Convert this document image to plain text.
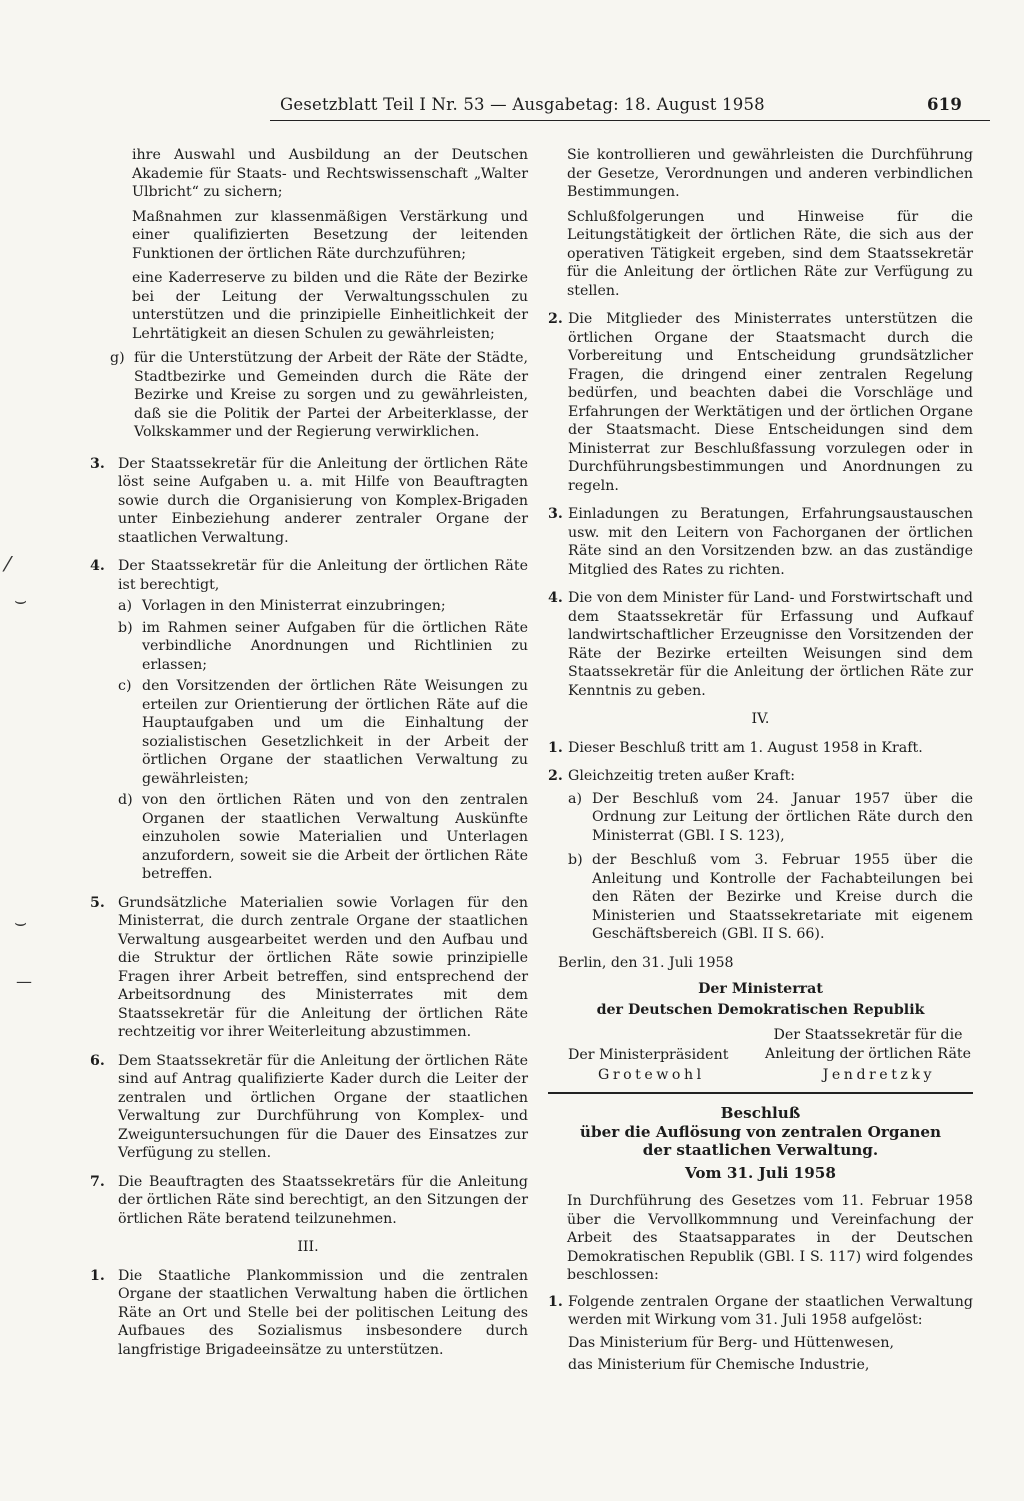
Gesetzblatt Teil I Nr. 53 — Ausgabetag: 18. August 1958	619
⁄
⌣
⌣
—

ihre Auswahl und Ausbildung an der Deutschen Akademie für Staats- und Rechtswissenschaft „Walter Ulbricht“ zu sichern;

Maßnahmen zur klassenmäßigen Verstärkung und einer qualifizierten Besetzung der leitenden Funktionen der örtlichen Räte durchzuführen;

eine Kaderreserve zu bilden und die Räte der Bezirke bei der Leitung der Verwaltungsschulen zu unterstützen und die prinzipielle Einheitlichkeit der Lehrtätigkeit an diesen Schulen zu gewährleisten;

g) für die Unterstützung der Arbeit der Räte der Städte, Stadtbezirke und Gemeinden durch die Räte der Bezirke und Kreise zu sorgen und zu gewährleisten, daß sie die Politik der Partei der Arbeiterklasse, der Volkskammer und der Regierung verwirklichen.
3. Der Staatssekretär für die Anleitung der örtlichen Räte löst seine Aufgaben u. a. mit Hilfe von Beauftragten sowie durch die Organisierung von Komplex-Brigaden unter Einbeziehung anderer zentraler Organe der staatlichen Verwaltung.
4. Der Staatssekretär für die Anleitung der örtlichen Räte ist berechtigt,
a) Vorlagen in den Ministerrat einzubringen;
b) im Rahmen seiner Aufgaben für die örtlichen Räte verbindliche Anordnungen und Richtlinien zu erlassen;
c) den Vorsitzenden der örtlichen Räte Weisungen zu erteilen zur Orientierung der örtlichen Räte auf die Hauptaufgaben und um die Einhaltung der sozialistischen Gesetzlichkeit in der Arbeit der örtlichen Organe der staatlichen Verwaltung zu gewährleisten;
d) von den örtlichen Räten und von den zentralen Organen der staatlichen Verwaltung Auskünfte einzuholen sowie Materialien und Unterlagen anzufordern, soweit sie die Arbeit der örtlichen Räte betreffen.
5. Grundsätzliche Materialien sowie Vorlagen für den Ministerrat, die durch zentrale Organe der staatlichen Verwaltung ausgearbeitet werden und den Aufbau und die Struktur der örtlichen Räte sowie prinzipielle Fragen ihrer Arbeit betreffen, sind entsprechend der Arbeitsordnung des Ministerrates mit dem Staatssekretär für die Anleitung der örtlichen Räte rechtzeitig vor ihrer Weiterleitung abzustimmen.
6. Dem Staatssekretär für die Anleitung der örtlichen Räte sind auf Antrag qualifizierte Kader durch die Leiter der zentralen und örtlichen Organe der staatlichen Verwaltung zur Durchführung von Komplex- und Zweiguntersuchungen für die Dauer des Einsatzes zur Verfügung zu stellen.
7. Die Beauftragten des Staatssekretärs für die Anleitung der örtlichen Räte sind berechtigt, an den Sitzungen der örtlichen Räte beratend teilzunehmen.
III.
1. Die Staatliche Plankommission und die zentralen Organe der staatlichen Verwaltung haben die örtlichen Räte an Ort und Stelle bei der politischen Leitung des Aufbaues des Sozialismus insbesondere durch langfristige Brigadeeinsätze zu unterstützen.

Sie kontrollieren und gewährleisten die Durchführung der Gesetze, Verordnungen und anderen verbindlichen Bestimmungen.

Schlußfolgerungen und Hinweise für die Leitungstätigkeit der örtlichen Räte, die sich aus der operativen Tätigkeit ergeben, sind dem Staatssekretär für die Anleitung der örtlichen Räte zur Verfügung zu stellen.

2. Die Mitglieder des Ministerrates unterstützen die örtlichen Organe der Staatsmacht durch die Vorbereitung und Entscheidung grundsätzlicher Fragen, die dringend einer zentralen Regelung bedürfen, und beachten dabei die Vorschläge und Erfahrungen der Werktätigen und der örtlichen Organe der Staatsmacht. Diese Entscheidungen sind dem Ministerrat zur Beschlußfassung vorzulegen oder in Durchführungsbestimmungen und Anordnungen zu regeln.
3. Einladungen zu Beratungen, Erfahrungsaustauschen usw. mit den Leitern von Fachorganen der örtlichen Räte sind an den Vorsitzenden bzw. an das zuständige Mitglied des Rates zu richten.
4. Die von dem Minister für Land- und Forstwirtschaft und dem Staatssekretär für Erfassung und Aufkauf landwirtschaftlicher Erzeugnisse den Vorsitzenden der Räte der Bezirke erteilten Weisungen sind dem Staatssekretär für die Anleitung der örtlichen Räte zur Kenntnis zu geben.
IV.
1. Dieser Beschluß tritt am 1. August 1958 in Kraft.
2. Gleichzeitig treten außer Kraft:
a) Der Beschluß vom 24. Januar 1957 über die Ordnung zur Leitung der örtlichen Räte durch den Ministerrat (GBl. I S. 123),
b) der Beschluß vom 3. Februar 1955 über die Anleitung und Kontrolle der Fachabteilungen bei den Räten der Bezirke und Kreise durch die Ministerien und Staatssekretariate mit eigenem Geschäftsbereich (GBl. II S. 66).
Berlin, den 31. Juli 1958
Der Ministerrat
der Deutschen Demokratischen Republik
Der Staatssekretär für die
Anleitung der örtlichen Räte
Der Ministerpräsident
Grotewohl	Jendretzky
Beschluß
über die Auflösung von zentralen Organen
der staatlichen Verwaltung.
Vom 31. Juli 1958

In Durchführung des Gesetzes vom 11. Februar 1958 über die Vervollkommnung und Vereinfachung der Arbeit des Staatsapparates in der Deutschen Demokratischen Republik (GBl. I S. 117) wird folgendes beschlossen:

1. Folgende zentralen Organe der staatlichen Verwaltung werden mit Wirkung vom 31. Juli 1958 aufgelöst:
Das Ministerium für Berg- und Hüttenwesen,
das Ministerium für Chemische Industrie,
